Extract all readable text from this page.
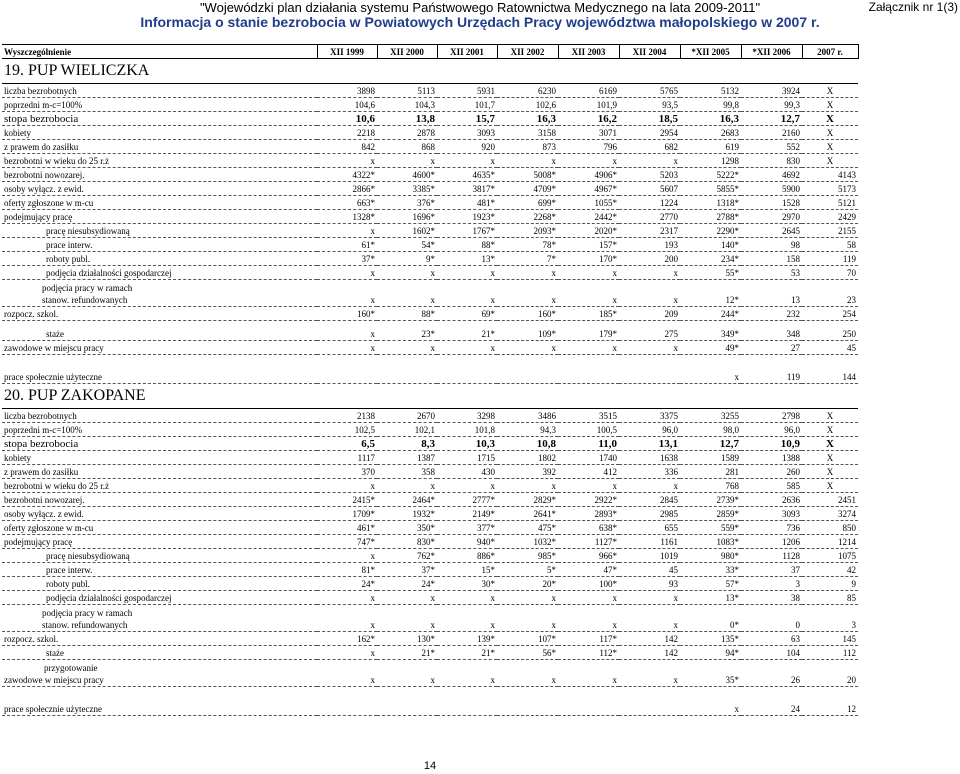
"Wojewódzki plan działania systemu Państwowego Ratownictwa Medycznego na lata 2009-2011"
Informacja o stanie bezrobocia w Powiatowych Urzędach Pracy województwa małopolskiego w 2007 r.
Załącznik nr 1(3)
Wyszczególnienie	XII 1999	XII 2000	XII 2001	XII 2002	XII 2003	XII 2004	*XII 2005	*XII 2006	2007 r.
19. PUP WIELICZKA									
liczba bezrobotnych	3898	5113	5931	6230	6169	5765	5132	3924	X
poprzedni m-c=100%	104,6	104,3	101,7	102,6	101,9	93,5	99,8	99,3	X
stopa bezrobocia	10,6	13,8	15,7	16,3	16,2	18,5	16,3	12,7	X
kobiety	2218	2878	3093	3158	3071	2954	2683	2160	X
z prawem do zasiłku	842	868	920	873	796	682	619	552	X
bezrobotni w wieku do 25 r.ż	x	x	x	x	x	x	1298	830	X
bezrobotni nowozarej.	4322*	4600*	4635*	5008*	4906*	5203	5222*	4692	4143
osoby wyłącz. z ewid.	2866*	3385*	3817*	4709*	4967*	5607	5855*	5900	5173
oferty zgłoszone w m-cu	663*	376*	481*	699*	1055*	1224	1318*	1528	5121
podejmujący pracę	1328*	1696*	1923*	2268*	2442*	2770	2788*	2970	2429
pracę niesubsydiowaną	x	1602*	1767*	2093*	2020*	2317	2290*	2645	2155
prace interw.	61*	54*	88*	78*	157*	193	140*	98	58
roboty publ.	37*	9*	13*	7*	170*	200	234*	158	119
podjęcia działalności gospodarczej	x	x	x	x	x	x	55*	53	70

podjęcia pracy w ramach
stanow. refundowanych	x	x	x	x	x	x	12*	13	23
rozpocz. szkol.	160*	88*	69*	160*	185*	209	244*	232	254
staże	x	23*	21*	109*	179*	275	349*	348	250
zawodowe w miejscu pracy	x	x	x	x	x	x	49*	27	45
prace społecznie użyteczne							x	119	144
20. PUP ZAKOPANE									
liczba bezrobotnych	2138	2670	3298	3486	3515	3375	3255	2798	X
poprzedni m-c=100%	102,5	102,1	101,8	94,3	100,5	96,0	98,0	96,0	X
stopa bezrobocia	6,5	8,3	10,3	10,8	11,0	13,1	12,7	10,9	X
kobiety	1117	1387	1715	1802	1740	1638	1589	1388	X
z prawem do zasiłku	370	358	430	392	412	336	281	260	X
bezrobotni w wieku do 25 r.ż	x	x	x	x	x	x	768	585	X
bezrobotni nowozarej.	2415*	2464*	2777*	2829*	2922*	2845	2739*	2636	2451
osoby wyłącz. z ewid.	1709*	1932*	2149*	2641*	2893*	2985	2859*	3093	3274
oferty zgłoszone w m-cu	461*	350*	377*	475*	638*	655	559*	736	850
podejmujący pracę	747*	830*	940*	1032*	1127*	1161	1083*	1206	1214
pracę niesubsydiowaną	x	762*	886*	985*	966*	1019	980*	1128	1075
prace interw.	81*	37*	15*	5*	47*	45	33*	37	42
roboty publ.	24*	24*	30*	20*	100*	93	57*	3	9
podjęcia działalności gospodarczej	x	x	x	x	x	x	13*	38	85

podjęcia pracy w ramach
stanow. refundowanych	x	x	x	x	x	x	0*	0	3
rozpocz. szkol.	162*	130*	139*	107*	117*	142	135*	63	145
staże	x	21*	21*	56*	112*	142	94*	104	112

przygotowanie
zawodowe w miejscu pracy	x	x	x	x	x	x	35*	26	20
prace społecznie użyteczne							x	24	12
14
